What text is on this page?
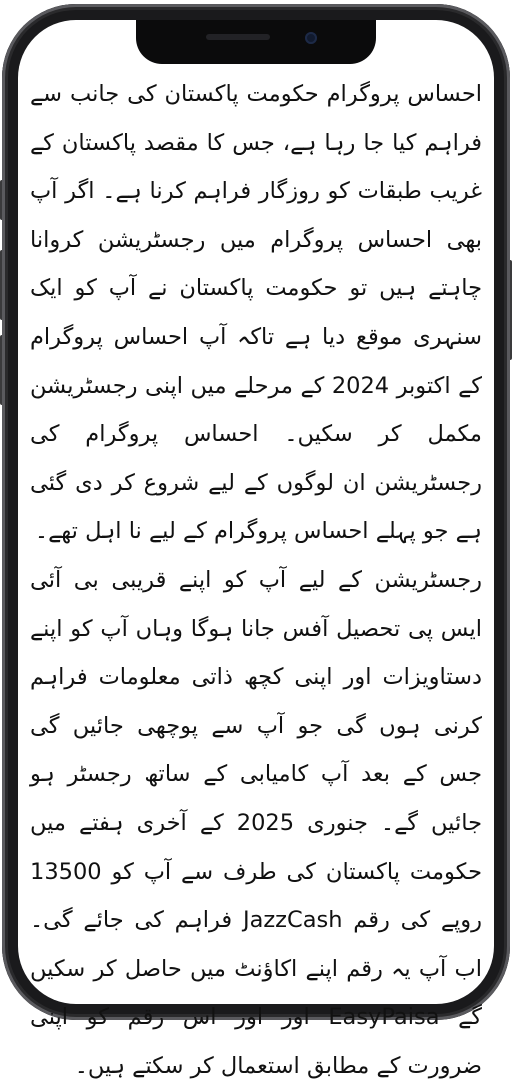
احساس پروگرام حکومت پاکستان کی جانب سے فراہم کیا جا رہا ہے، جس کا مقصد پاکستان کے غریب طبقات کو روزگار فراہم کرنا ہے۔ اگر آپ بھی احساس پروگرام میں رجسٹریشن کروانا چاہتے ہیں تو حکومت پاکستان نے آپ کو ایک سنہری موقع دیا ہے تاکہ آپ احساس پروگرام کے اکتوبر 2024 کے مرحلے میں اپنی رجسٹریشن مکمل کر سکیں۔ احساس پروگرام کی رجسٹریشن ان لوگوں کے لیے شروع کر دی گئی ہے جو پہلے احساس پروگرام کے لیے نا اہل تھے۔

رجسٹریشن کے لیے آپ کو اپنے قریبی بی آئی ایس پی تحصیل آفس جانا ہوگا وہاں آپ کو اپنے دستاویزات اور اپنی کچھ ذاتی معلومات فراہم کرنی ہوں گی جو آپ سے پوچھی جائیں گی جس کے بعد آپ کامیابی کے ساتھ رجسٹر ہو جائیں گے۔ جنوری 2025 کے آخری ہفتے میں حکومت پاکستان کی طرف سے آپ کو 13500 روپے کی رقم JazzCash فراہم کی جائے گی۔ اب آپ یہ رقم اپنے اکاؤنٹ میں حاصل کر سکیں گے EasyPaisa اور اور اس رقم کو اپنی ضرورت کے مطابق استعمال کر سکتے ہیں۔
